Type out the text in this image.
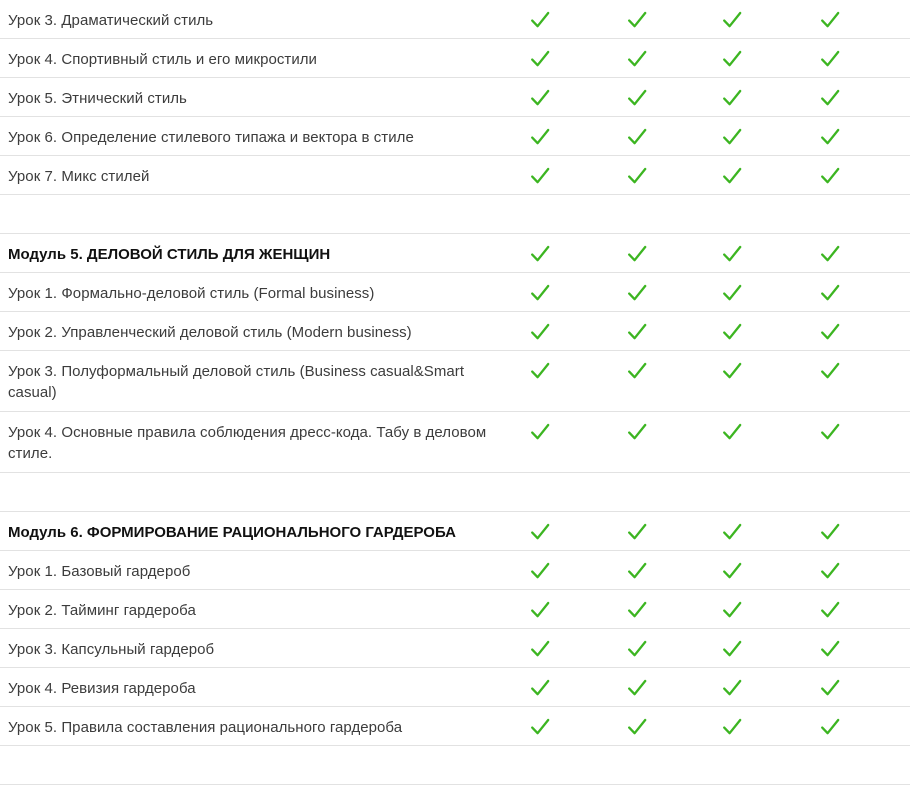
Урок 3. Драматический стиль
Урок 4. Спортивный стиль и его микростили
Урок 5. Этнический стиль
Урок 6. Определение стилевого типажа и вектора в стиле
Урок 7. Микс стилей
Модуль 5. ДЕЛОВОЙ СТИЛЬ ДЛЯ ЖЕНЩИН
Урок 1. Формально-деловой стиль (Formal business)
Урок 2. Управленческий деловой стиль (Modern business)
Урок 3. Полуформальный деловой стиль (Business casual&Smart casual)
Урок 4. Основные правила соблюдения дресс-кода. Табу в деловом стиле.
Модуль 6. ФОРМИРОВАНИЕ РАЦИОНАЛЬНОГО ГАРДЕРОБА
Урок 1. Базовый гардероб
Урок 2. Тайминг гардероба
Урок 3. Капсульный гардероб
Урок 4. Ревизия гардероба
Урок 5. Правила составления рационального гардероба
